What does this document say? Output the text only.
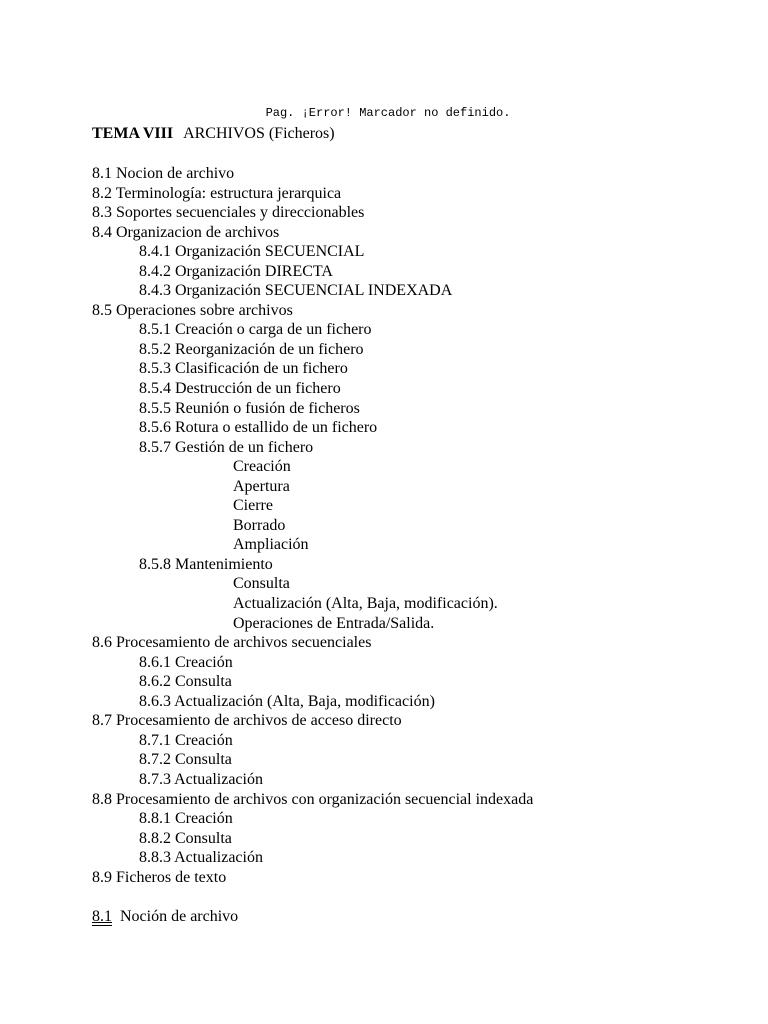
Pag. ¡Error! Marcador no definido.
TEMA VIII ARCHIVOS (Ficheros)
8.1 Nocion de archivo
8.2 Terminología: estructura jerarquica
8.3 Soportes secuenciales y direccionables
8.4 Organizacion de archivos
8.4.1 Organización SECUENCIAL
8.4.2 Organización DIRECTA
8.4.3 Organización SECUENCIAL INDEXADA
8.5 Operaciones sobre archivos
8.5.1 Creación o carga de un fichero
8.5.2 Reorganización de un fichero
8.5.3 Clasificación de un fichero
8.5.4 Destrucción de un fichero
8.5.5 Reunión o fusión de ficheros
8.5.6 Rotura o estallido de un fichero
8.5.7 Gestión de un fichero
Creación
Apertura
Cierre
Borrado
Ampliación
8.5.8 Mantenimiento
Consulta
Actualización (Alta, Baja, modificación).
Operaciones de Entrada/Salida.
8.6 Procesamiento de archivos secuenciales
8.6.1 Creación
8.6.2 Consulta
8.6.3 Actualización (Alta, Baja, modificación)
8.7 Procesamiento de archivos de acceso directo
8.7.1 Creación
8.7.2 Consulta
8.7.3 Actualización
8.8 Procesamiento de archivos con organización secuencial indexada
8.8.1 Creación
8.8.2 Consulta
8.8.3 Actualización
8.9 Ficheros de texto
8.1 Noción de archivo
